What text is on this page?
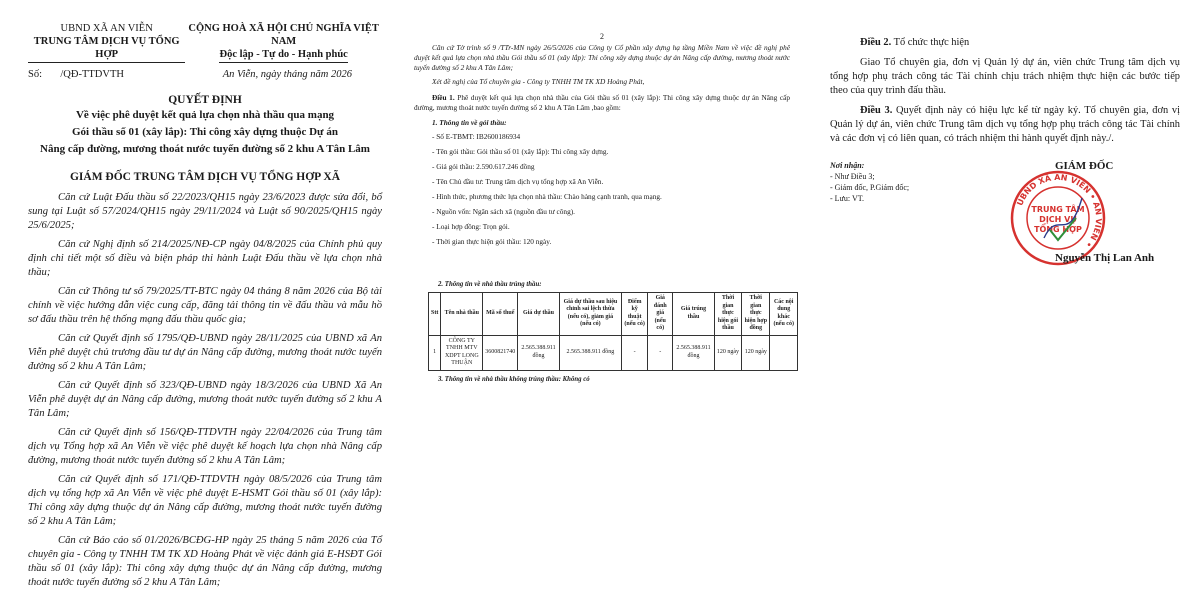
UBND XÃ AN VIỄN
TRUNG TÂM DỊCH VỤ TỔNG HỢP
CỘNG HOÀ XÃ HỘI CHỦ NGHĨA VIỆT NAM
Độc lập - Tự do - Hạnh phúc
Số: /QĐ-TTDVTH	An Viễn, ngày tháng năm 2026
QUYẾT ĐỊNH
Về việc phê duyệt kết quả lựa chọn nhà thầu qua mạng
Gói thầu số 01 (xây lắp): Thi công xây dựng thuộc Dự án
Nâng cấp đường, mương thoát nước tuyến đường số 2 khu A Tân Lâm
GIÁM ĐỐC TRUNG TÂM DỊCH VỤ TỔNG HỢP XÃ

Căn cứ Luật Đấu thầu số 22/2023/QH15 ngày 23/6/2023 được sửa đổi, bổ sung tại Luật số 57/2024/QH15 ngày 29/11/2024 và Luật số 90/2025/QH15 ngày 25/6/2025;

Căn cứ Nghị định số 214/2025/NĐ-CP ngày 04/8/2025 của Chính phủ quy định chi tiết một số điều và biện pháp thi hành Luật Đấu thầu về lựa chọn nhà thầu;

Căn cứ Thông tư số 79/2025/TT-BTC ngày 04 tháng 8 năm 2026 của Bộ tài chính về việc hướng dẫn việc cung cấp, đăng tải thông tin về đấu thầu và mẫu hồ sơ đấu thầu trên hệ thống mạng đấu thầu quốc gia;

Căn cứ Quyết định số 1795/QĐ-UBND ngày 28/11/2025 của UBND xã An Viễn phê duyệt chủ trương đầu tư dự án Nâng cấp đường, mương thoát nước tuyến đường số 2 khu A Tân Lâm;

Căn cứ Quyết định số 323/QĐ-UBND ngày 18/3/2026 của UBND Xã An Viễn phê duyệt dự án Nâng cấp đường, mương thoát nước tuyến đường số 2 khu A Tân Lâm;

Căn cứ Quyết định số 156/QĐ-TTDVTH ngày 22/04/2026 của Trung tâm dịch vụ Tổng hợp xã An Viễn về việc phê duyệt kế hoạch lựa chọn nhà Nâng cấp đường, mương thoát nước tuyến đường số 2 khu A Tân Lâm;

Căn cứ Quyết định số 171/QĐ-TTDVTH ngày 08/5/2026 của Trung tâm dịch vụ tổng hợp xã An Viễn về việc phê duyệt E-HSMT Gói thầu số 01 (xây lắp): Thi công xây dựng thuộc dự án Nâng cấp đường, mương thoát nước tuyến đường số 2 khu A Tân Lâm;

Căn cứ Báo cáo số 01/2026/BCĐG-HP ngày 25 tháng 5 năm 2026 của Tổ chuyên gia - Công ty TNHH TM TK XD Hoàng Phát về việc đánh giá E-HSĐT Gói thầu số 01 (xây lắp): Thi công xây dựng thuộc dự án Nâng cấp đường, mương thoát nước tuyến đường số 2 khu A Tân Lâm;

2
Căn cứ Tờ trình số 9 /TTr-MN ngày 26/5/2026 của Công ty Cổ phần xây dựng hạ tầng Miền Nam về việc đề nghị phê duyệt kết quả lựa chọn nhà thầu Gói thầu số 01 (xây lắp): Thi công xây dựng thuộc dự án Nâng cấp đường, mương thoát nước tuyến đường số 2 khu A Tân Lâm;
Xét đề nghị của Tổ chuyên gia - Công ty TNHH TM TK XD Hoàng Phát,
Điều 1. Phê duyệt kết quả lựa chọn nhà thầu của Gói thầu số 01 (xây lắp): Thi công xây dựng thuộc dự án Nâng cấp đường, mương thoát nước tuyến đường số 2 khu A Tân Lâm ,bao gồm:
1. Thông tin về gói thầu:
- Số E-TBMT: IB2600186934
- Tên gói thầu: Gói thầu số 01 (xây lắp): Thi công xây dựng.
- Giá gói thầu: 2.590.617.246 đồng
- Tên Chủ đầu tư: Trung tâm dịch vụ tổng hợp xã An Viễn.
- Hình thức, phương thức lựa chọn nhà thầu: Chào hàng cạnh tranh, qua mạng.
- Nguồn vốn: Ngân sách xã (nguồn đầu tư công).
- Loại hợp đồng: Trọn gói.
- Thời gian thực hiện gói thầu: 120 ngày.
2. Thông tin về nhà thầu trúng thầu:
Stt	Tên nhà thầu	Mã số thuế	Giá dự thầu	Giá dự thầu sau hiệu chỉnh sai lệch thừa (nếu có), giảm giá (nếu có)	Điểm kỹ thuật (nếu có)	Giá đánh giá (nếu có)	Giá trúng thầu	Thời gian thực hiện gói thầu	Thời gian thực hiện hợp đồng	Các nội dung khác (nếu có)
1	CÔNG TY TNHH MTV XDPT LONG THUẬN	3600821740	2.565.388.911 đồng	2.565.388.911 đồng	-	-	2.565.388.911 đồng	120 ngày	120 ngày	
3. Thông tin về nhà thầu không trúng thầu: Không có

Điều 2. Tổ chức thực hiện

Giao Tổ chuyên gia, đơn vị Quản lý dự án, viên chức Trung tâm dịch vụ tổng hợp phụ trách công tác Tài chính chịu trách nhiệm thực hiện các bước tiếp theo của quy trình đấu thầu.

Điều 3. Quyết định này có hiệu lực kể từ ngày ký. Tổ chuyên gia, đơn vị Quản lý dự án, viên chức Trung tâm dịch vụ tổng hợp phụ trách công tác Tài chính và các đơn vị có liên quan, có trách nhiệm thi hành quyết định này./.

Nơi nhận:
- Như Điều 3;
- Giám đốc, P.Giám đốc;
- Lưu: VT.
GIÁM ĐỐC
UBND XÃ AN VIỄN • AN VIỄN •
TRUNG TÂM
DỊCH VỤ
TỔNG HỢP
Nguyễn Thị Lan Anh
